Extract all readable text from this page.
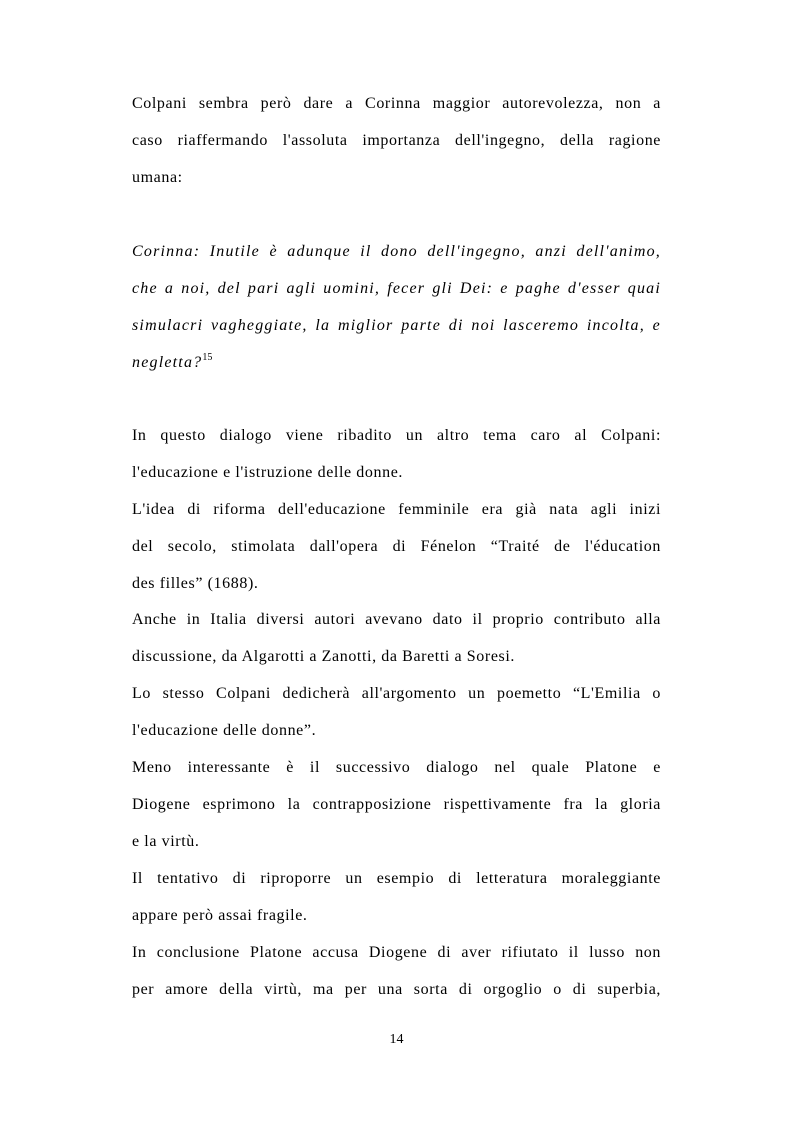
Colpani sembra però dare a Corinna maggior autorevolezza, non a
caso riaffermando l'assoluta importanza dell'ingegno, della ragione
umana:
Corinna: Inutile è adunque il dono dell'ingegno, anzi dell'animo,
che a noi, del pari agli uomini, fecer gli Dei: e paghe d'esser quai
simulacri vagheggiate, la miglior parte di noi lasceremo incolta, e
negletta?$^{15}$
In questo dialogo viene ribadito un altro tema caro al Colpani:
l'educazione e l'istruzione delle donne.
L'idea di riforma dell'educazione femminile era già nata agli inizi
del secolo, stimolata dall'opera di Fénelon “Traité de l'éducation
des filles” (1688).
Anche in Italia diversi autori avevano dato il proprio contributo alla
discussione, da Algarotti a Zanotti, da Baretti a Soresi.
Lo stesso Colpani dedicherà all'argomento un poemetto “L'Emilia o
l'educazione delle donne”.
Meno interessante è il successivo dialogo nel quale Platone e
Diogene esprimono la contrapposizione rispettivamente fra la gloria
e la virtù.
Il tentativo di riproporre un esempio di letteratura moraleggiante
appare però assai fragile.
In conclusione Platone accusa Diogene di aver rifiutato il lusso non
per amore della virtù, ma per una sorta di orgoglio o di superbia,
14
